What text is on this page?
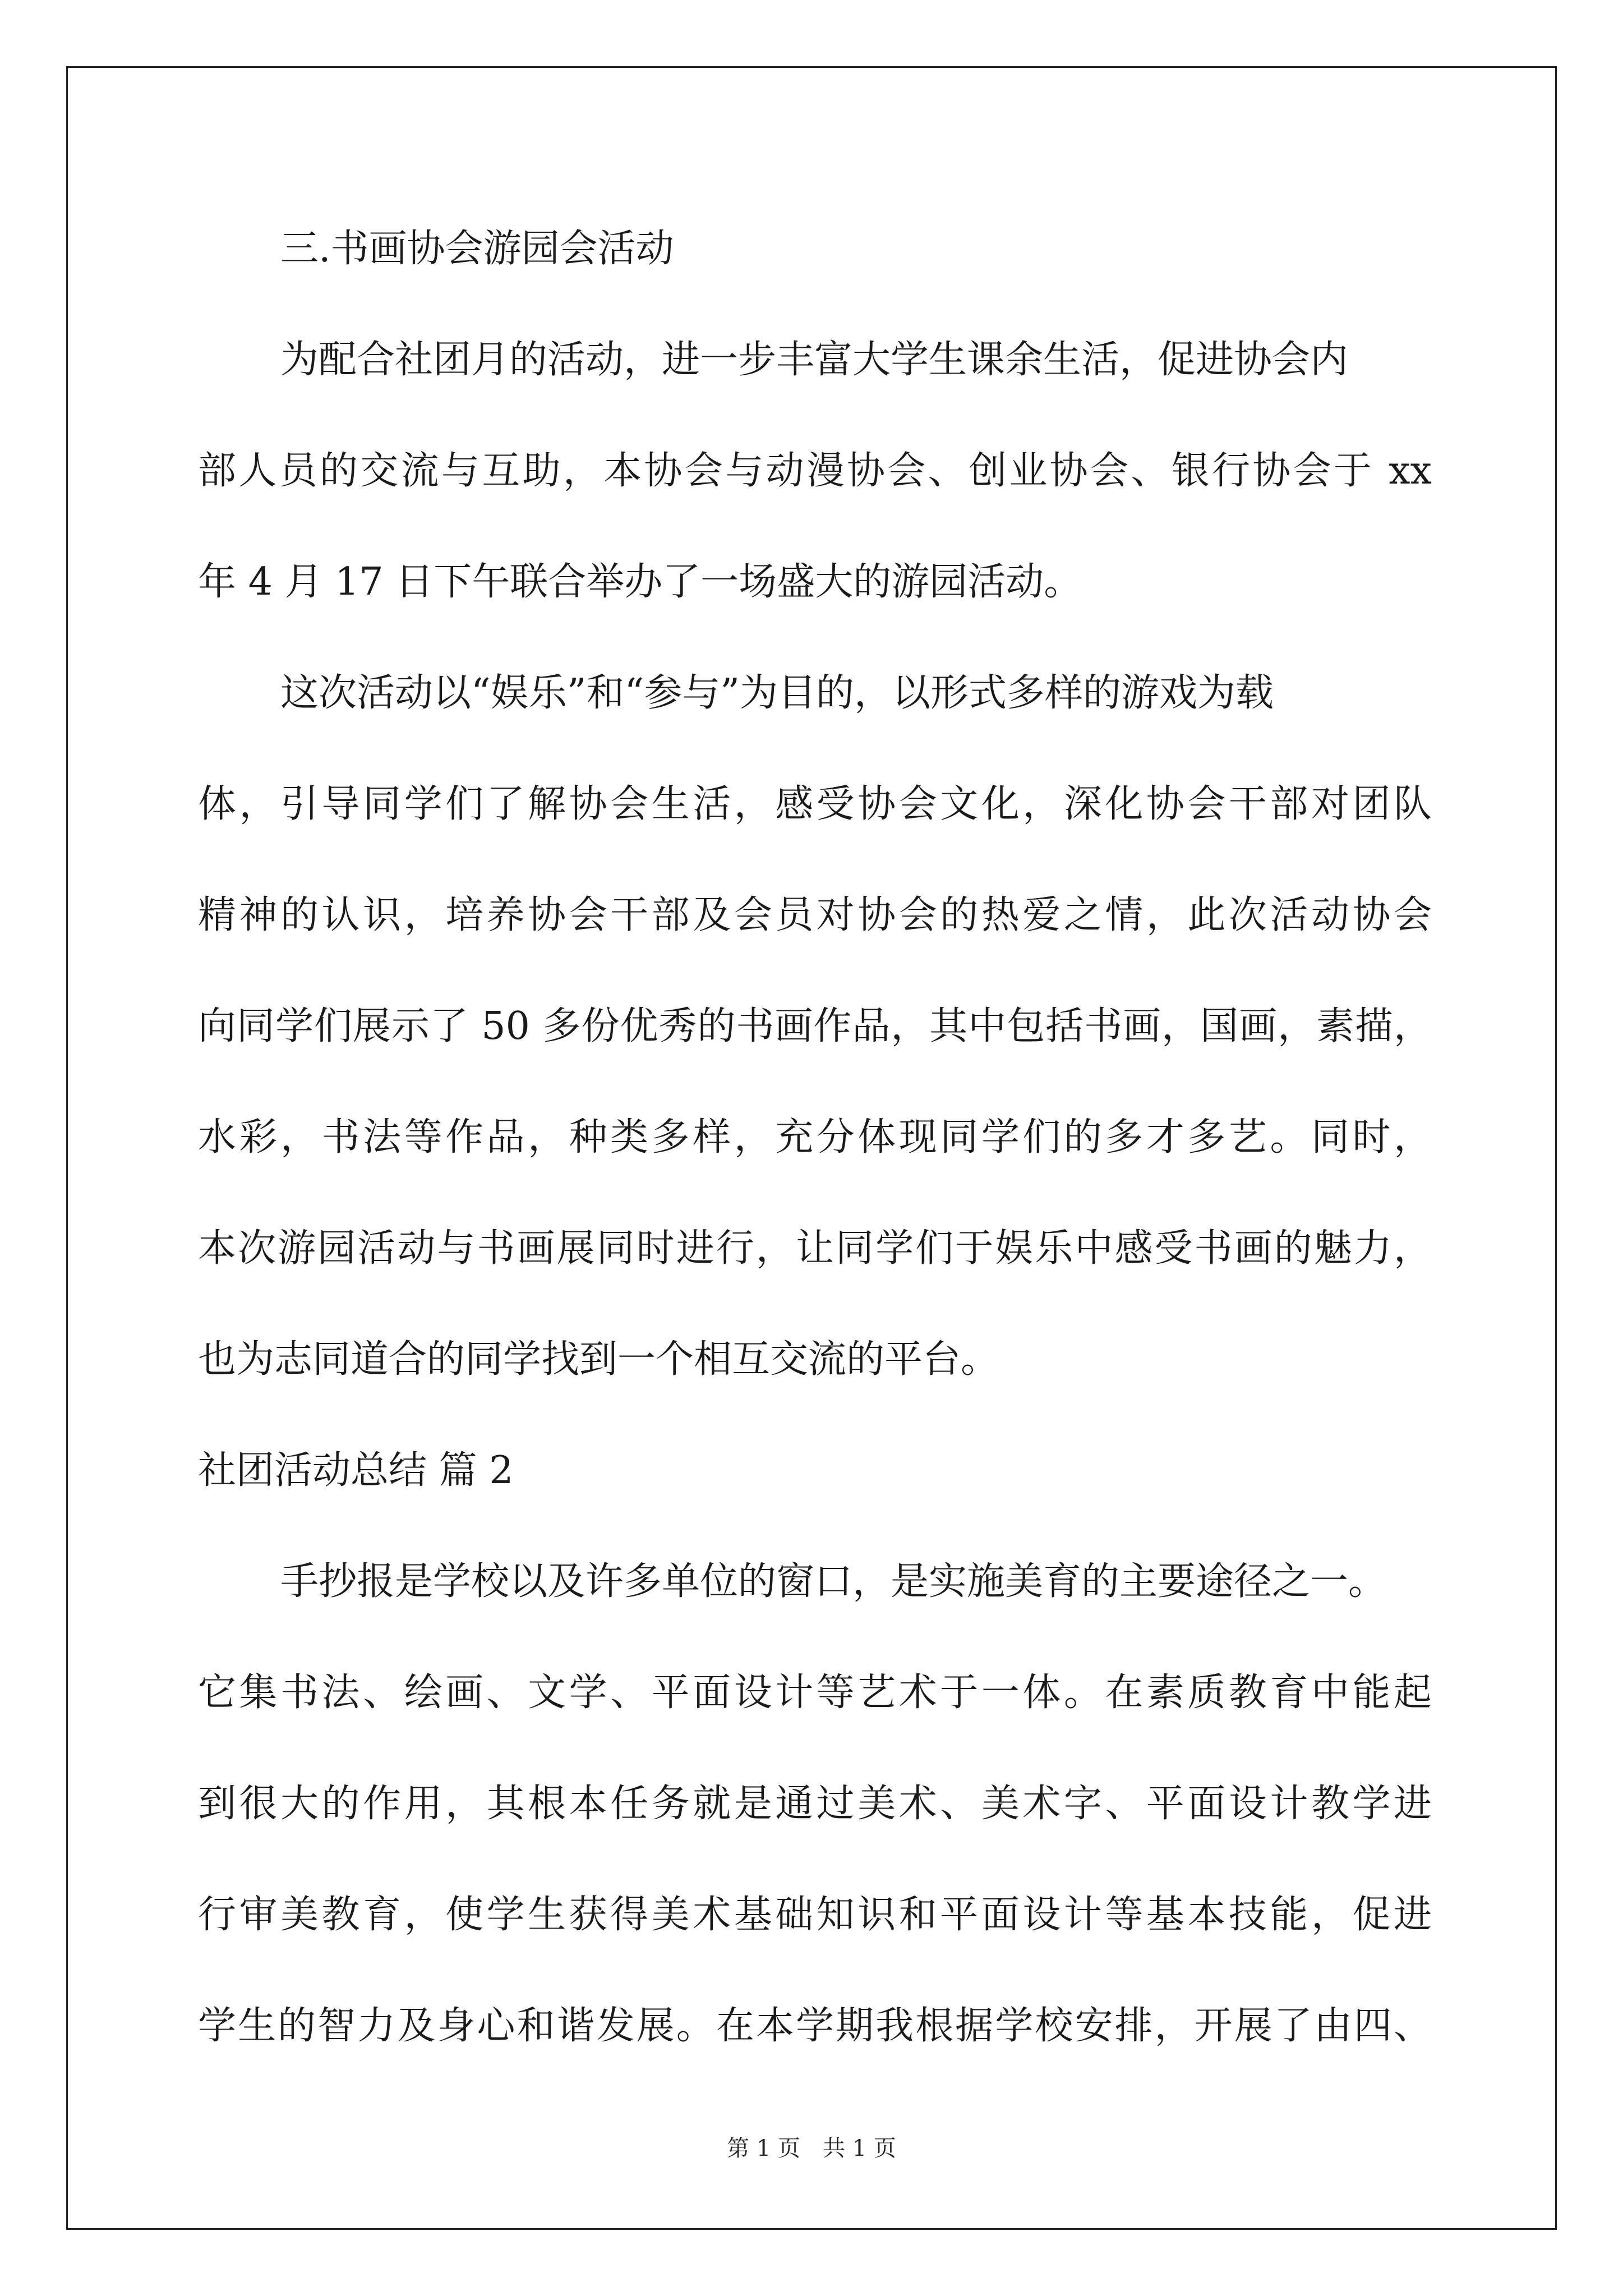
三.书画协会游园会活动
为配合社团月的活动，进一步丰富大学生课余生活，促进协会内
部人员的交流与互助，本协会与动漫协会、创业协会、银行协会于 xx
年 4 月 17 日下午联合举办了一场盛大的游园活动。
这次活动以“娱乐”和“参与”为目的，以形式多样的游戏为载
体，引导同学们了解协会生活，感受协会文化，深化协会干部对团队
精神的认识，培养协会干部及会员对协会的热爱之情，此次活动协会
向同学们展示了 50 多份优秀的书画作品，其中包括书画，国画，素描，
水彩，书法等作品，种类多样，充分体现同学们的多才多艺。同时，
本次游园活动与书画展同时进行，让同学们于娱乐中感受书画的魅力，
也为志同道合的同学找到一个相互交流的平台。
社团活动总结 篇 2
手抄报是学校以及许多单位的窗口，是实施美育的主要途径之一。
它集书法、绘画、文学、平面设计等艺术于一体。在素质教育中能起
到很大的作用，其根本任务就是通过美术、美术字、平面设计教学进
行审美教育，使学生获得美术基础知识和平面设计等基本技能，促进
学生的智力及身心和谐发展。在本学期我根据学校安排，开展了由四、
第 1 页　共 1 页
